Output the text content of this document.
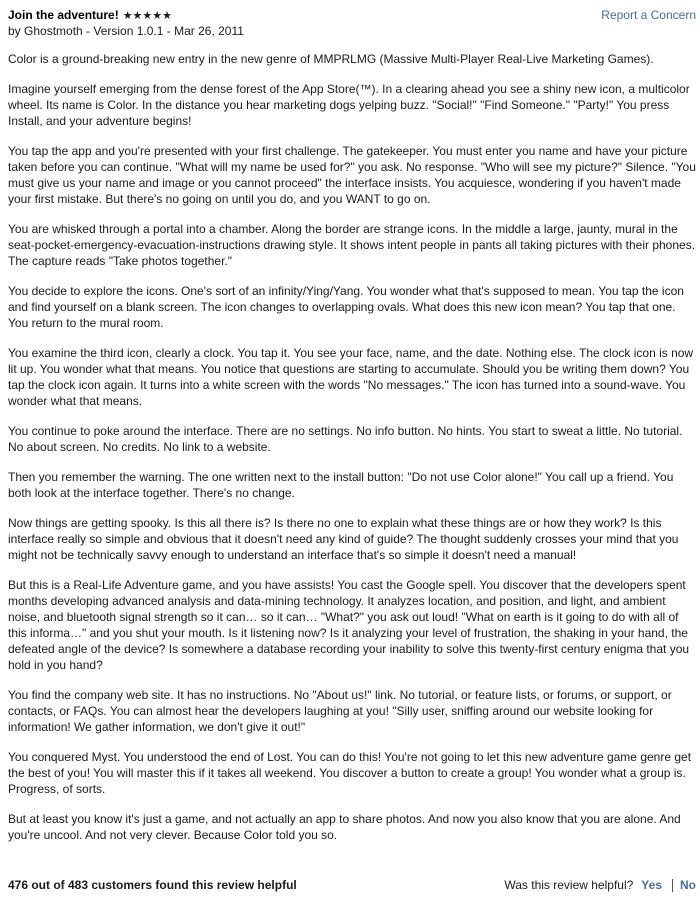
Join the adventure! ★★★★★	Report a Concern
by Ghostmoth - Version 1.0.1 - Mar 26, 2011

Color is a ground-breaking new entry in the new genre of MMPRLMG (Massive Multi-Player Real-Live Marketing Games).

Imagine yourself emerging from the dense forest of the App Store(™). In a clearing ahead you see a shiny new icon, a multicolor wheel. Its name is Color. In the distance you hear marketing dogs yelping buzz. "Social!" "Find Someone." "Party!" You press Install, and your adventure begins!

You tap the app and you're presented with your first challenge. The gatekeeper. You must enter you name and have your picture taken before you can continue. "What will my name be used for?" you ask. No response. "Who will see my picture?" Silence. "You must give us your name and image or you cannot proceed" the interface insists. You acquiesce, wondering if you haven't made your first mistake. But there's no going on until you do, and you WANT to go on.

You are whisked through a portal into a chamber. Along the border are strange icons. In the middle a large, jaunty, mural in the seat-pocket-emergency-evacuation-instructions drawing style. It shows intent people in pants all taking pictures with their phones. The capture reads "Take photos together."

You decide to explore the icons. One's sort of an infinity/Ying/Yang. You wonder what that's supposed to mean. You tap the icon and find yourself on a blank screen. The icon changes to overlapping ovals. What does this new icon mean? You tap that one. You return to the mural room.

You examine the third icon, clearly a clock. You tap it. You see your face, name, and the date. Nothing else. The clock icon is now lit up. You wonder what that means. You notice that questions are starting to accumulate. Should you be writing them down? You tap the clock icon again. It turns into a white screen with the words "No messages." The icon has turned into a sound-wave. You wonder what that means.

You continue to poke around the interface. There are no settings. No info button. No hints. You start to sweat a little. No tutorial. No about screen. No credits. No link to a website.

Then you remember the warning. The one written next to the install button: "Do not use Color alone!" You call up a friend. You both look at the interface together. There's no change.

Now things are getting spooky. Is this all there is? Is there no one to explain what these things are or how they work? Is this interface really so simple and obvious that it doesn't need any kind of guide? The thought suddenly crosses your mind that you might not be technically savvy enough to understand an interface that's so simple it doesn't need a manual!

But this is a Real-Life Adventure game, and you have assists! You cast the Google spell. You discover that the developers spent months developing advanced analysis and data-mining technology. It analyzes location, and position, and light, and ambient noise, and bluetooth signal strength so it can… so it can… "What?" you ask out loud! "What on earth is it going to do with all of this informa…" and you shut your mouth. Is it listening now? Is it analyzing your level of frustration, the shaking in your hand, the defeated angle of the device? Is somewhere a database recording your inability to solve this twenty-first century enigma that you hold in you hand?

You find the company web site. It has no instructions. No "About us!" link. No tutorial, or feature lists, or forums, or support, or contacts, or FAQs. You can almost hear the developers laughing at you! "Silly user, sniffing around our website looking for information! We gather information, we don't give it out!"

You conquered Myst. You understood the end of Lost. You can do this! You're not going to let this new adventure game genre get the best of you! You will master this if it takes all weekend. You discover a button to create a group! You wonder what a group is. Progress, of sorts.

But at least you know it's just a game, and not actually an app to share photos. And now you also know that you are alone. And you're uncool. And not very clever. Because Color told you so.

476 out of 483 customers found this review helpful	Was this review helpful? Yes No
